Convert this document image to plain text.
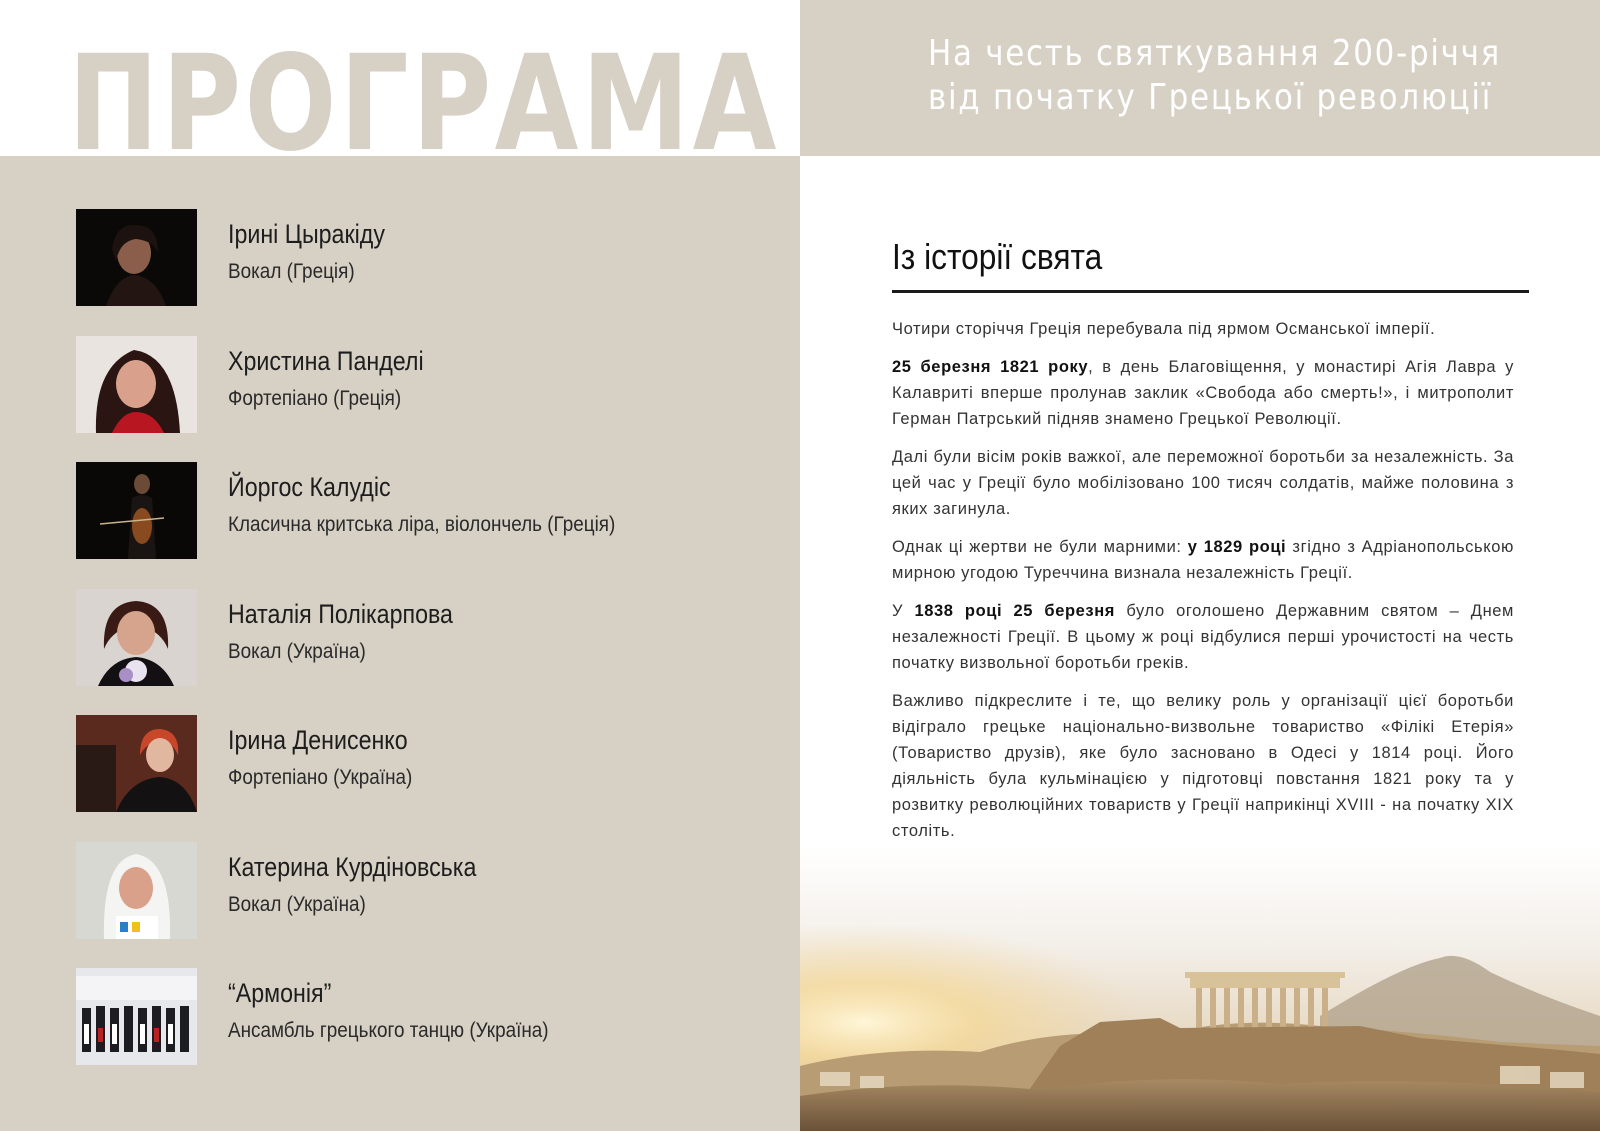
ПРОГРАМА
Ірині Цыракіду
Вокал (Греція)
Христина Панделі
Фортепіано (Греція)
Йоргос Калудіс
Класична критська ліра, віолончель (Греція)
Наталія Полікарпова
Вокал (Україна)
Ірина Денисенко
Фортепіано (Україна)
Катерина Курдіновська
Вокал (Україна)
“Армонія”
Ансамбль грецького танцю (Україна)
На честь святкування 200-річчя
від початку Грецької революції
Із історії свята

Чотири сторіччя Греція перебувала під ярмом Османської імперії.

25 березня 1821 року, в день Благовіщення, у монастирі Агія Лавра у Калавриті вперше пролунав заклик «Свобода або смерть!», і митрополит Герман Патрський підняв знамено Грецької Революції.

Далі були вісім років важкої, але переможної боротьби за незалежність. За цей час у Греції було мобілізовано 100 тисяч солдатів, майже половина з яких загинула.

Однак ці жертви не були марними: у 1829 році згідно з Адріанопольською мирною угодою Туреччина визнала незалежність Греції.

У 1838 році 25 березня було оголошено Державним святом – Днем незалежності Греції. В цьому ж році відбулися перші урочистості на честь початку визвольної боротьби греків.

Важливо підкреслите і те, що велику роль у організації цієї боротьби відіграло грецьке національно-визвольне товариство «Філікі Етерія» (Товариство друзів), яке було засновано в Одесі у 1814 році. Його діяльність була кульмінацією у підготовці повстання 1821 року та у розвитку революційних товариств у Греції наприкінці XVIII - на початку XIX століть.
